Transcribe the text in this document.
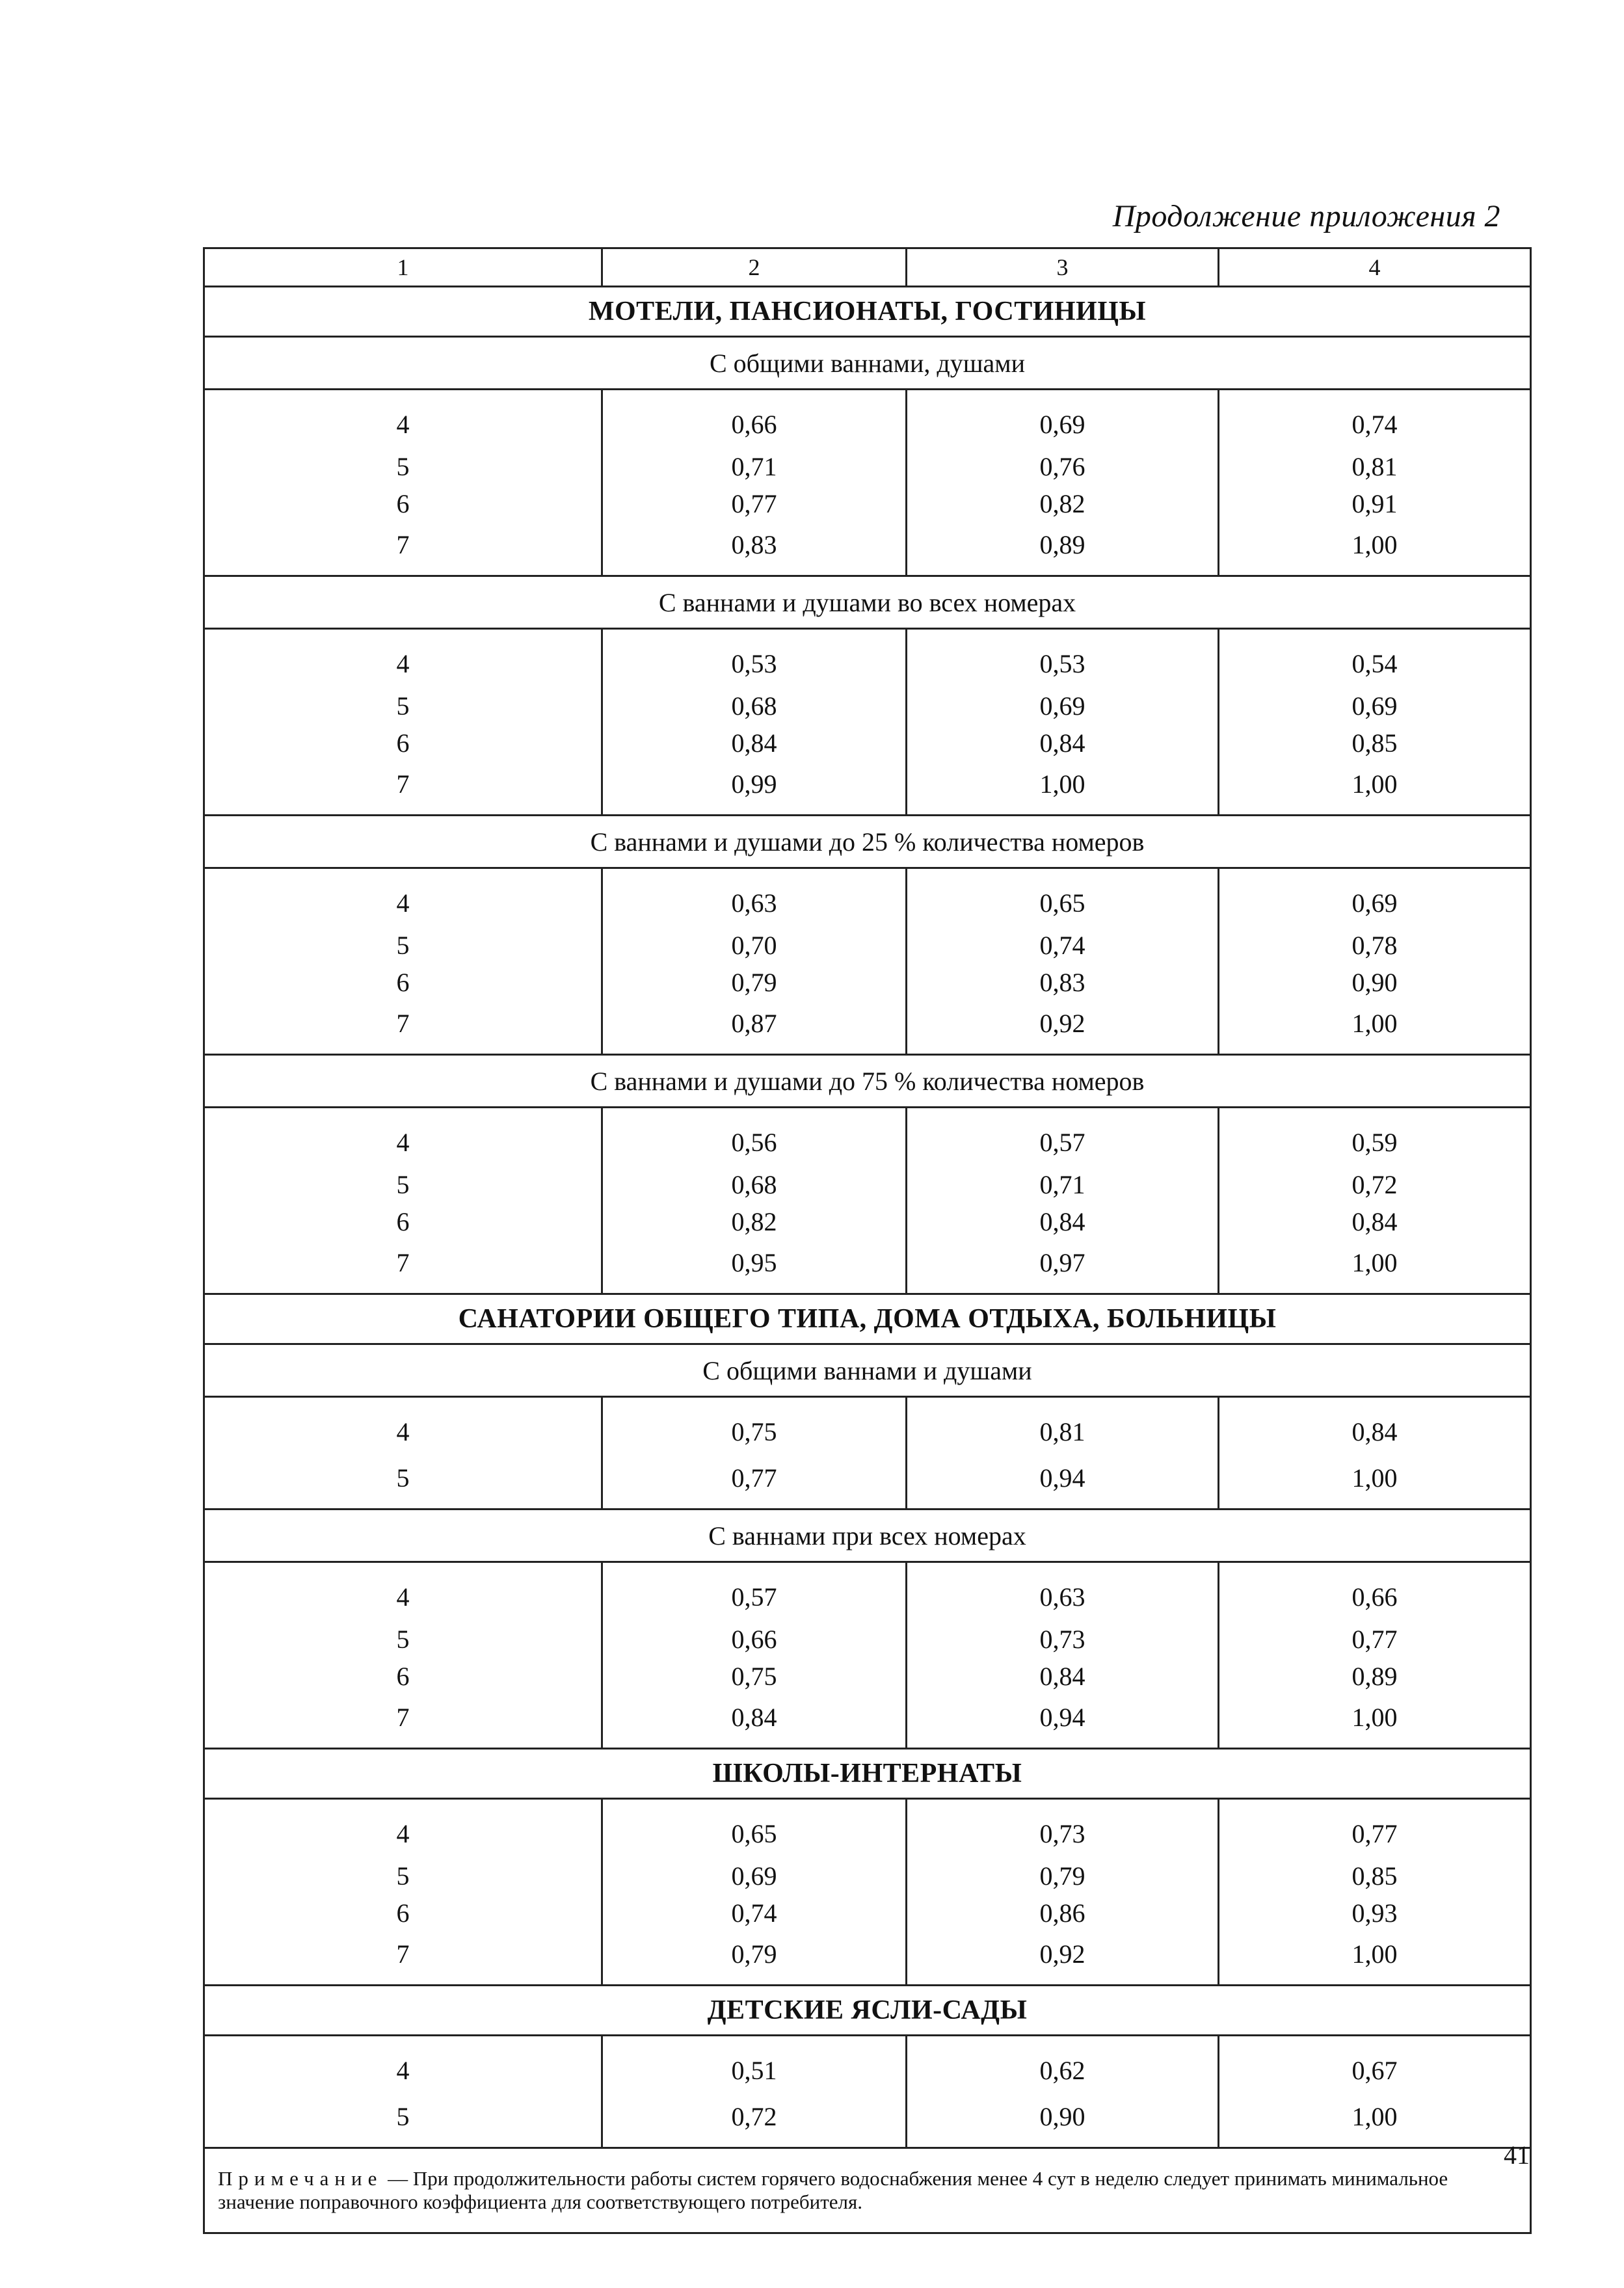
Продолжение приложения 2
1	2	3	4
МОТЕЛИ, ПАНСИОНАТЫ, ГОСТИНИЦЫ			
С общими ваннами, душами			
4	0,66	0,69	0,74
5	0,71	0,76	0,81
6	0,77	0,82	0,91
7	0,83	0,89	1,00
С ваннами и душами во всех номерах			
4	0,53	0,53	0,54
5	0,68	0,69	0,69
6	0,84	0,84	0,85
7	0,99	1,00	1,00
С ваннами и душами до 25 % количества номеров			
4	0,63	0,65	0,69
5	0,70	0,74	0,78
6	0,79	0,83	0,90
7	0,87	0,92	1,00
С ваннами и душами до 75 % количества номеров			
4	0,56	0,57	0,59
5	0,68	0,71	0,72
6	0,82	0,84	0,84
7	0,95	0,97	1,00
САНАТОРИИ ОБЩЕГО ТИПА, ДОМА ОТДЫХА, БОЛЬНИЦЫ			
С общими ваннами и душами			
4	0,75	0,81	0,84
5	0,77	0,94	1,00
С ваннами при всех номерах			
4	0,57	0,63	0,66
5	0,66	0,73	0,77
6	0,75	0,84	0,89
7	0,84	0,94	1,00
ШКОЛЫ-ИНТЕРНАТЫ			
4	0,65	0,73	0,77
5	0,69	0,79	0,85
6	0,74	0,86	0,93
7	0,79	0,92	1,00
ДЕТСКИЕ ЯСЛИ-САДЫ			
4	0,51	0,62	0,67
5	0,72	0,90	1,00
Примечание — При продолжительности работы систем горячего водоснабжения менее 4 сут в неделю следует принимать минимальное значение поправочного коэффициента для соответствующего потребителя.			
41
